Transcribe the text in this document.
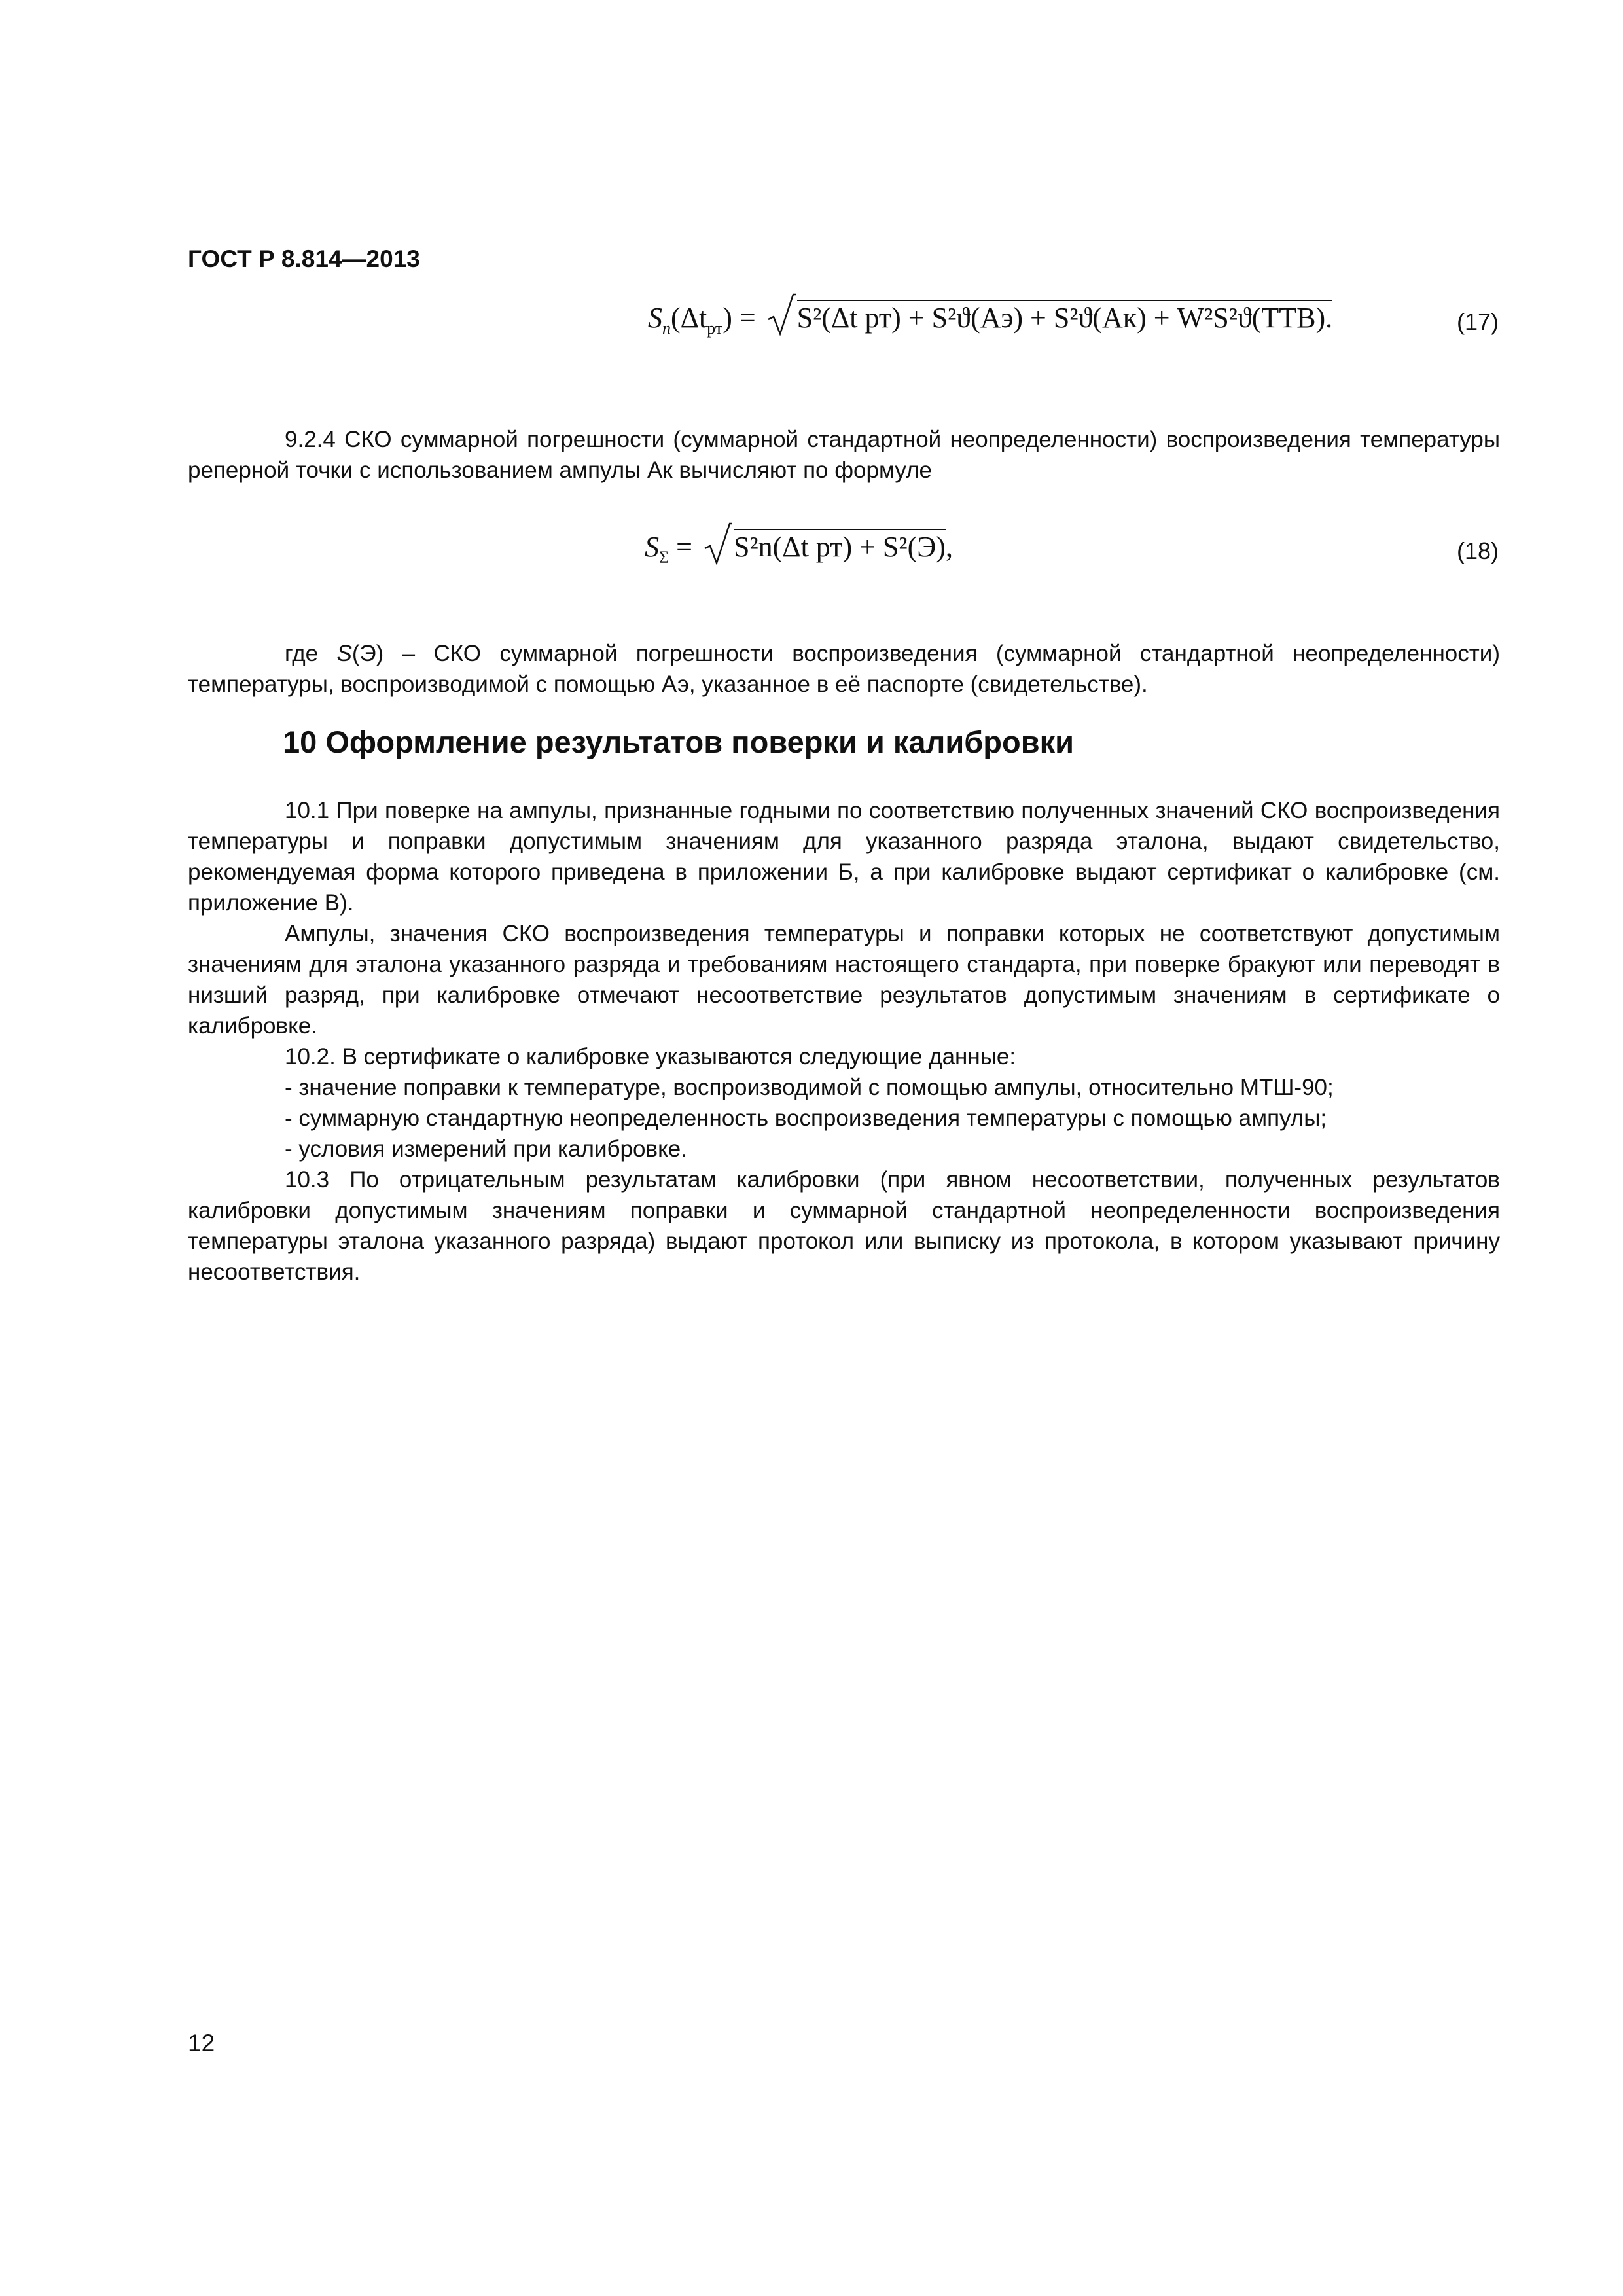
ГОСТ Р 8.814—2013
$S_n(\Delta t_{рт}) = S^2(\Delta t$ рт) + S²ϑ(Аэ) + S²ϑ(Ак) + W²S²ϑ(ТТВ).	(17)
9.2.4 СКО суммарной погрешности (суммарной стандартной неопределенности) воспроизведения температуры реперной точки с использованием ампулы Ак вычисляют по формуле
$S_\Sigma = S^2n(\Delta t$ рт) + S²(Э),	(18)
где S(Э) – СКО суммарной погрешности воспроизведения (суммарной стандартной неопределенности) температуры, воспроизводимой с помощью Аэ, указанное в её паспорте (свидетельстве).
10 Оформление результатов поверки и калибровки

10.1 При поверке на ампулы, признанные годными по соответствию полученных значений СКО воспроизведения температуры и поправки допустимым значениям для указанного разряда эталона, выдают свидетельство, рекомендуемая форма которого приведена в приложении Б, а при калибровке выдают сертификат о калибровке (см. приложение В).

Ампулы, значения СКО воспроизведения температуры и поправки которых не соответствуют допустимым значениям для эталона указанного разряда и требованиям настоящего стандарта, при поверке бракуют или переводят в низший разряд, при калибровке отмечают несоответствие результатов допустимым значениям в сертификате о калибровке.

10.2. В сертификате о калибровке указываются следующие данные:

- значение поправки к температуре, воспроизводимой с помощью ампулы, относительно МТШ-90;

- суммарную стандартную неопределенность воспроизведения температуры с помощью ампулы;

- условия измерений при калибровке.

10.3 По отрицательным результатам калибровки (при явном несоответствии, полученных результатов калибровки допустимым значениям поправки и суммарной стандартной неопределенности воспроизведения температуры эталона указанного разряда) выдают протокол или выписку из протокола, в котором указывают причину несоответствия.

12
